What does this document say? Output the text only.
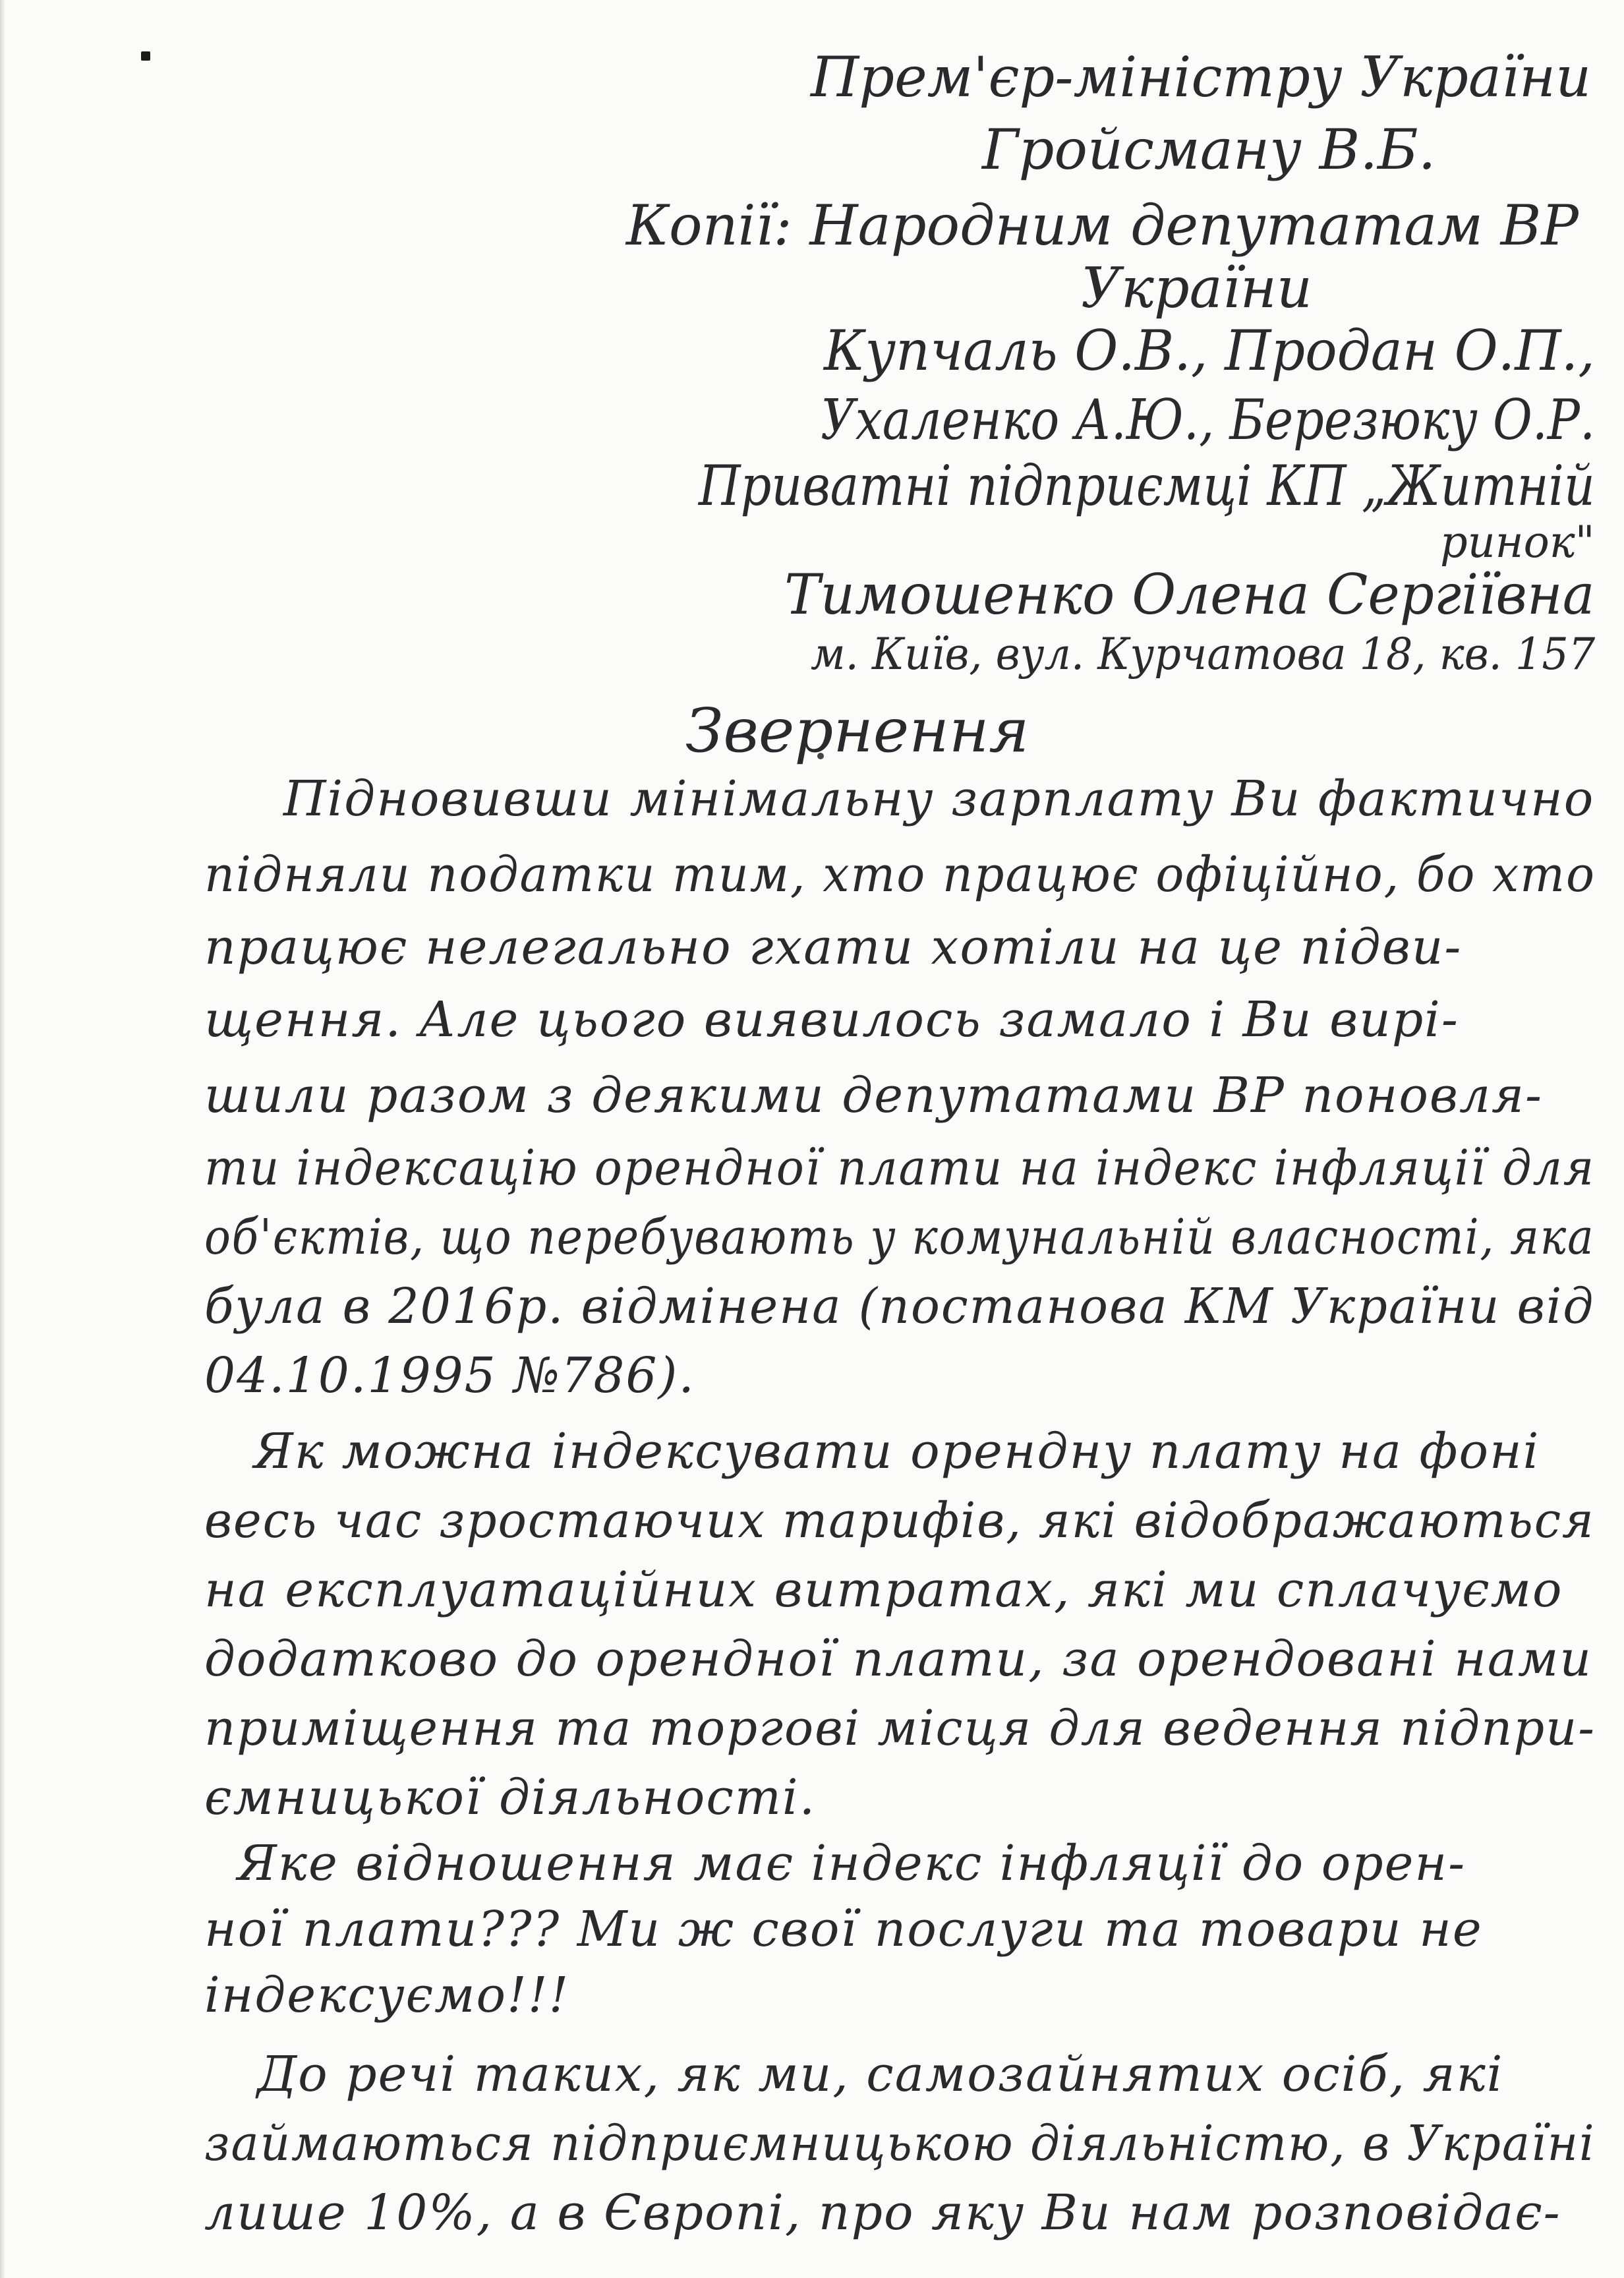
Прем'єр-міністру України
Гройсману В.Б.
Копії: Народним депутатам ВР
України
Купчаль О.В., Продан О.П.,
Ухаленко А.Ю., Березюку О.Р.
Приватні підприємці КП „Житній
ринок"
Тимошенко Олена Сергіївна
м. Київ, вул. Курчатова 18, кв. 157
Звернення
Підновивши мінімальну зарплату Ви фактично
підняли податки тим, хто працює офіційно, бо хто
працює нелегально гхати хотіли на це підви-
щення. Але цього виявилось замало і Ви вирі-
шили разом з деякими депутатами ВР поновля-
ти індексацію орендної плати на індекс інфляції для
об'єктів, що перебувають у комунальній власності, яка
була в 2016р. відмінена (постанова КМ України від
04.10.1995 №786).
Як можна індексувати орендну плату на фоні
весь час зростаючих тарифів, які відображаються
на експлуатаційних витратах, які ми сплачуємо
додатково до орендної плати, за орендовані нами
приміщення та торгові місця для ведення підпри-
ємницької діяльності.
Яке відношення має індекс інфляції до орен-
ної плати??? Ми ж свої послуги та товари не
індексуємо!!!
До речі таких, як ми, самозайнятих осіб, які
займаються підприємницькою діяльністю, в Україні
лише 10%, а в Європі, про яку Ви нам розповідає-
